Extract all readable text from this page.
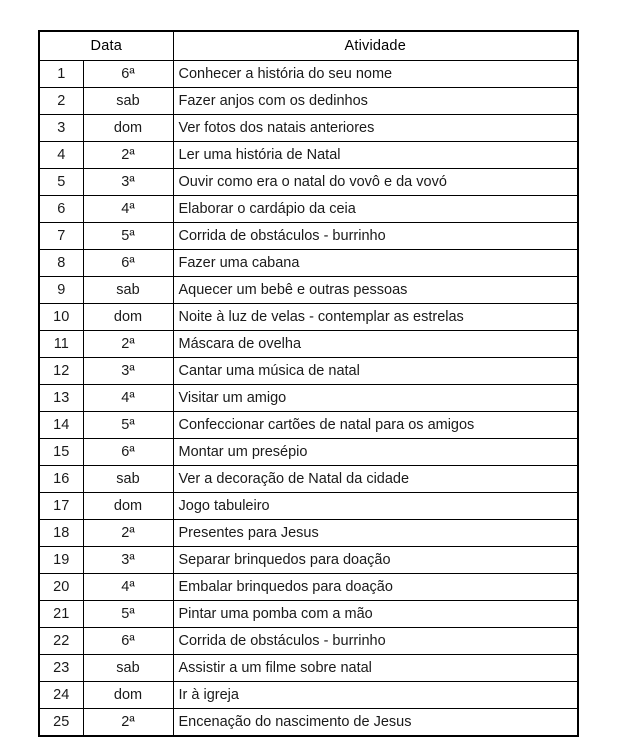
Data		Atividade
1	6ª	Conhecer a história do seu nome
2	sab	Fazer anjos com os dedinhos
3	dom	Ver fotos dos natais anteriores
4	2ª	Ler uma história de Natal
5	3ª	Ouvir como era o natal do vovô e da vovó
6	4ª	Elaborar o cardápio da ceia
7	5ª	Corrida de obstáculos - burrinho
8	6ª	Fazer uma cabana
9	sab	Aquecer um bebê e outras pessoas
10	dom	Noite à luz de velas - contemplar as estrelas
11	2ª	Máscara de ovelha
12	3ª	Cantar uma música de natal
13	4ª	Visitar um amigo
14	5ª	Confeccionar cartões de natal para os amigos
15	6ª	Montar um presépio
16	sab	Ver a decoração de Natal da cidade
17	dom	Jogo tabuleiro
18	2ª	Presentes para Jesus
19	3ª	Separar brinquedos para doação
20	4ª	Embalar brinquedos para doação
21	5ª	Pintar uma pomba com a mão
22	6ª	Corrida de obstáculos - burrinho
23	sab	Assistir a um filme sobre natal
24	dom	Ir à igreja
25	2ª	Encenação do nascimento de Jesus
